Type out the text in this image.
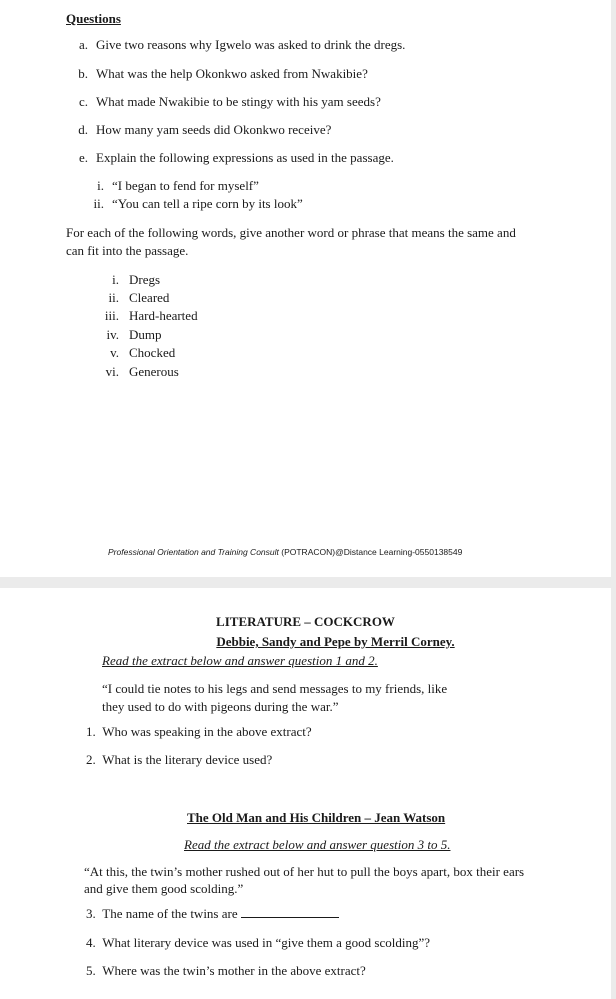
Questions
a. Give two reasons why Igwelo was asked to drink the dregs.
b. What was the help Okonkwo asked from Nwakibie?
c. What made Nwakibie to be stingy with his yam seeds?
d. How many yam seeds did Okonkwo receive?
e. Explain the following expressions as used in the passage.
i. “I began to fend for myself”
ii. “You can tell a ripe corn by its look”
For each of the following words, give another word or phrase that means the same and
can fit into the passage.
i. Dregs
ii. Cleared
iii. Hard-hearted
iv. Dump
v. Chocked
vi. Generous
Professional Orientation and Training Consult (POTRACON)@Distance Learning-0550138549
LITERATURE – COCKCROW
Debbie, Sandy and Pepe by Merril Corney.
Read the extract below and answer question 1 and 2.
“I could tie notes to his legs and send messages to my friends, like
they used to do with pigeons during the war.”
1. Who was speaking in the above extract?
2. What is the literary device used?
The Old Man and His Children – Jean Watson
Read the extract below and answer question 3 to 5.
“At this, the twin’s mother rushed out of her hut to pull the boys apart, box their ears
and give them good scolding.”
3. The name of the twins are
4. What literary device was used in “give them a good scolding”?
5. Where was the twin’s mother in the above extract?
